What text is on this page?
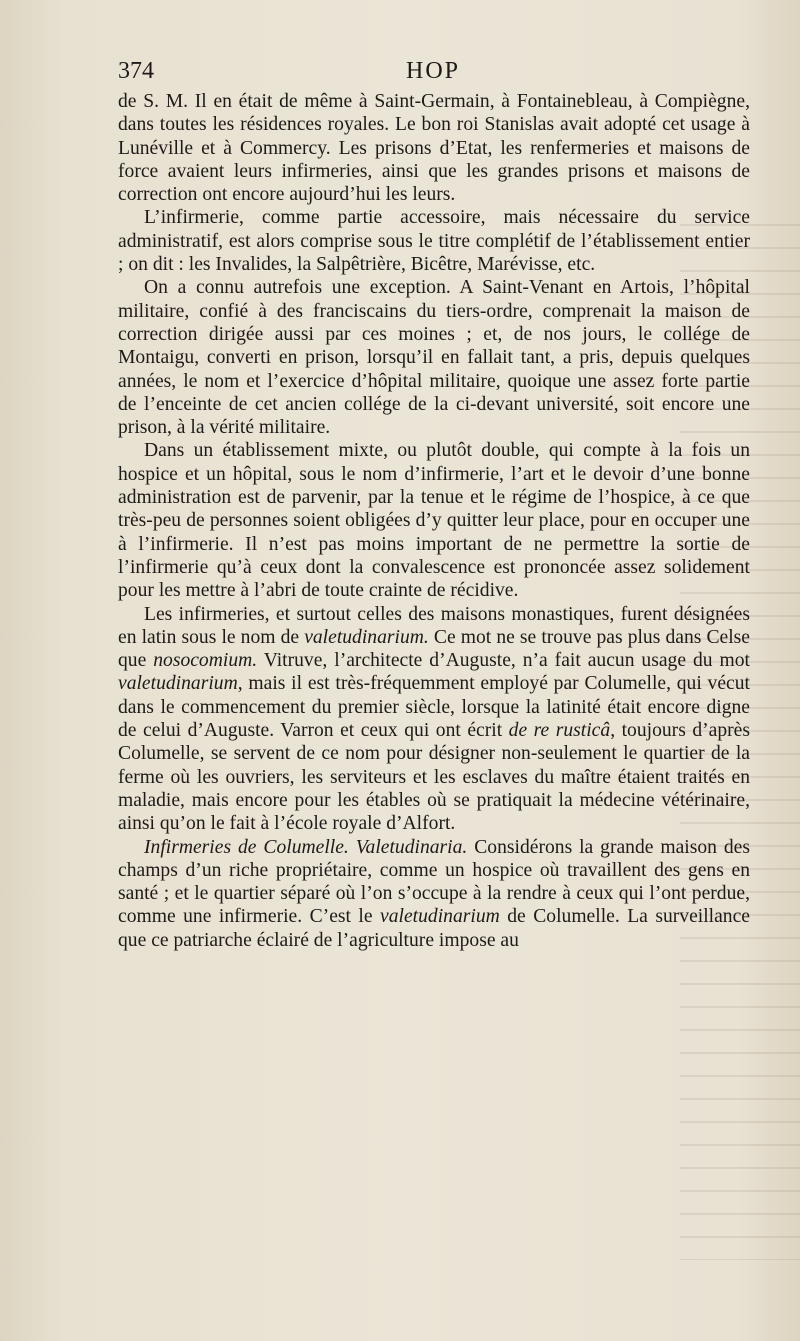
374	HOP

de S. M. Il en était de même à Saint-Germain, à Fontainebleau, à Compiègne, dans toutes les résidences royales. Le bon roi Stanislas avait adopté cet usage à Lunéville et à Commercy. Les prisons d’Etat, les renfermeries et maisons de force avaient leurs infirmeries, ainsi que les grandes prisons et maisons de correction ont encore aujourd’hui les leurs.

L’infirmerie, comme partie accessoire, mais nécessaire du service administratif, est alors comprise sous le titre complétif de l’établissement entier ; on dit : les Invalides, la Salpêtrière, Bicêtre, Marévisse, etc.

On a connu autrefois une exception. A Saint-Venant en Artois, l’hôpital militaire, confié à des franciscains du tiers-ordre, comprenait la maison de correction dirigée aussi par ces moines ; et, de nos jours, le collége de Montaigu, converti en prison, lorsqu’il en fallait tant, a pris, depuis quelques années, le nom et l’exercice d’hôpital militaire, quoique une assez forte partie de l’enceinte de cet ancien collége de la ci-devant université, soit encore une prison, à la vérité militaire.

Dans un établissement mixte, ou plutôt double, qui compte à la fois un hospice et un hôpital, sous le nom d’infirmerie, l’art et le devoir d’une bonne administration est de parvenir, par la tenue et le régime de l’hospice, à ce que très-peu de personnes soient obligées d’y quitter leur place, pour en occuper une à l’infirmerie. Il n’est pas moins important de ne permettre la sortie de l’infirmerie qu’à ceux dont la convalescence est prononcée assez solidement pour les mettre à l’abri de toute crainte de récidive.

Les infirmeries, et surtout celles des maisons monastiques, furent désignées en latin sous le nom de valetudinarium. Ce mot ne se trouve pas plus dans Celse que nosocomium. Vitruve, l’architecte d’Auguste, n’a fait aucun usage du mot valetudinarium, mais il est très-fréquemment employé par Columelle, qui vécut dans le commencement du premier siècle, lorsque la latinité était encore digne de celui d’Auguste. Varron et ceux qui ont écrit de re rusticâ, toujours d’après Columelle, se servent de ce nom pour désigner non-seulement le quartier de la ferme où les ouvriers, les serviteurs et les esclaves du maître étaient traités en maladie, mais encore pour les étables où se pratiquait la médecine vétérinaire, ainsi qu’on le fait à l’école royale d’Alfort.

Infirmeries de Columelle. Valetudinaria. Considérons la grande maison des champs d’un riche propriétaire, comme un hospice où travaillent des gens en santé ; et le quartier séparé où l’on s’occupe à la rendre à ceux qui l’ont perdue, comme une infirmerie. C’est le valetudinarium de Columelle. La surveillance que ce patriarche éclairé de l’agriculture impose au
